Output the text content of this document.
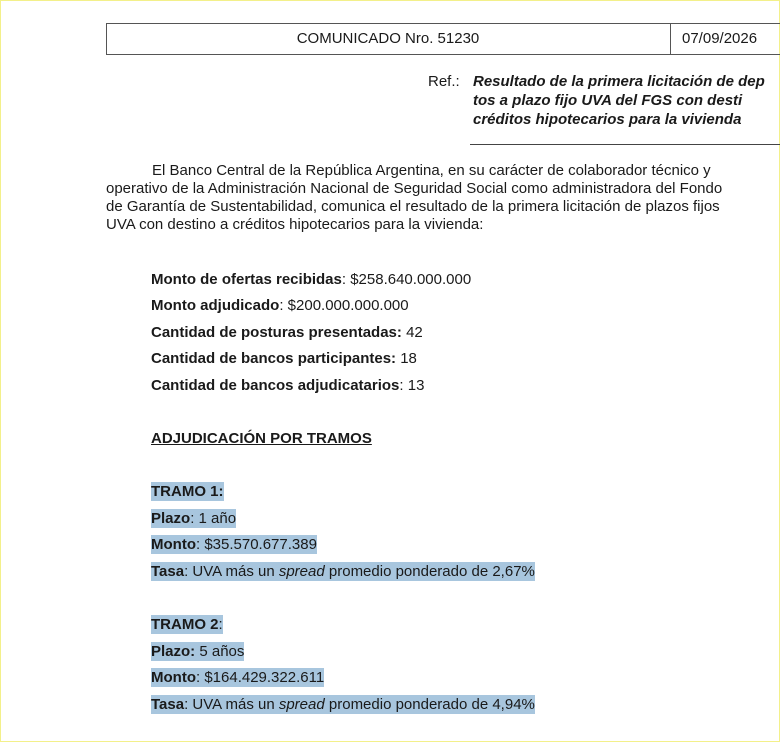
COMUNICADO Nro. 51230	07/09/2026
Ref.: Resultado de la primera licitación de dep
tos a plazo fijo UVA del FGS con desti
créditos hipotecarios para la vivienda
El Banco Central de la República Argentina, en su carácter de colaborador técnico y
operativo de la Administración Nacional de Seguridad Social como administradora del Fondo
de Garantía de Sustentabilidad, comunica el resultado de la primera licitación de plazos fijos
UVA con destino a créditos hipotecarios para la vivienda:
Monto de ofertas recibidas: $258.640.000.000
Monto adjudicado: $200.000.000.000
Cantidad de posturas presentadas: 42
Cantidad de bancos participantes: 18
Cantidad de bancos adjudicatarios: 13
ADJUDICACIÓN POR TRAMOS
TRAMO 1:
Plazo: 1 año
Monto: $35.570.677.389
Tasa: UVA más un spread promedio ponderado de 2,67%
TRAMO 2:
Plazo: 5 años
Monto: $164.429.322.611
Tasa: UVA más un spread promedio ponderado de 4,94%
